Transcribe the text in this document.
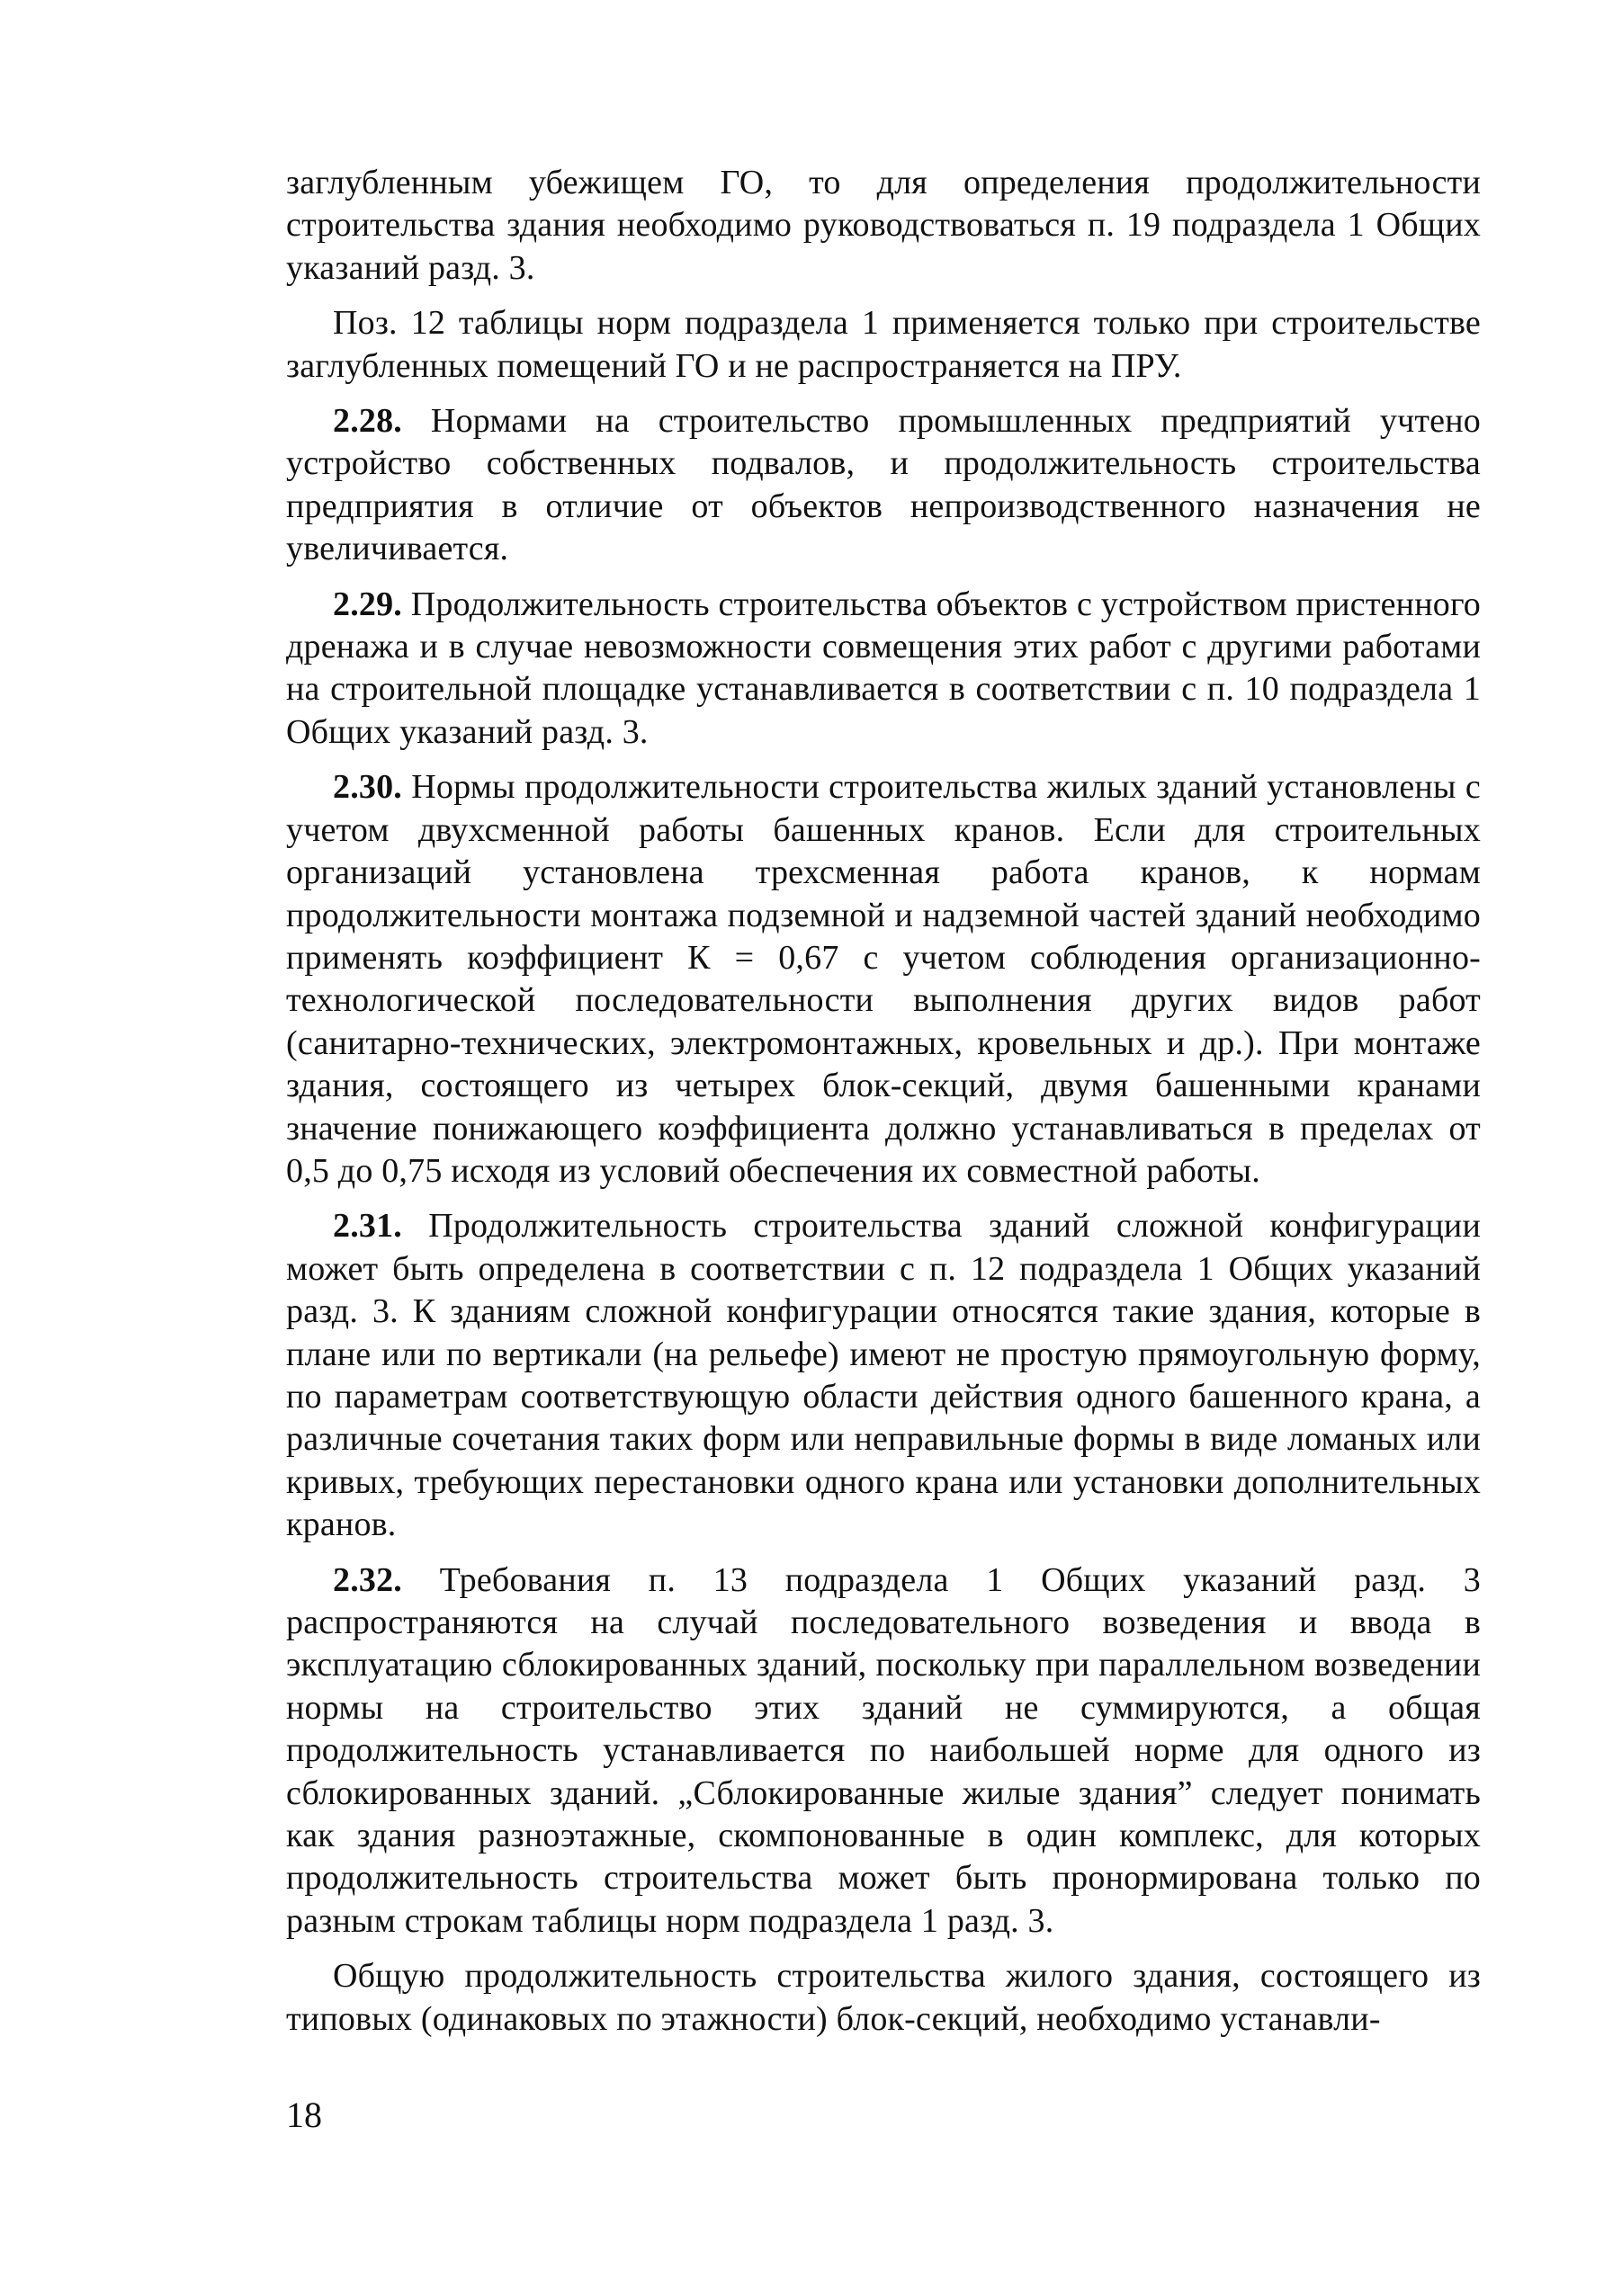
заглубленным убежищем ГО, то для определения продолжительности строительства здания необходимо руководствоваться п. 19 подраздела 1 Общих указаний разд. 3.

Поз. 12 таблицы норм подраздела 1 применяется только при строительстве заглубленных помещений ГО и не распространяется на ПРУ.

2.28. Нормами на строительство промышленных предприятий учтено устройство собственных подвалов, и продолжительность строительства предприятия в отличие от объектов непроизводственного назначения не увеличивается.

2.29. Продолжительность строительства объектов с устройством пристенного дренажа и в случае невозможности совмещения этих работ с другими работами на строительной площадке устанавливается в соответствии с п. 10 подраздела 1 Общих указаний разд. 3.

2.30. Нормы продолжительности строительства жилых зданий установлены с учетом двухсменной работы башенных кранов. Если для строительных организаций установлена трехсменная работа кранов, к нормам продолжительности монтажа подземной и надземной частей зданий необходимо применять коэффициент К = 0,67 с учетом соблюдения организационно-технологической последовательности выполнения других видов работ (санитарно-технических, электромонтажных, кровельных и др.). При монтаже здания, состоящего из четырех блок-секций, двумя башенными кранами значение понижающего коэффициента должно устанавливаться в пределах от 0,5 до 0,75 исходя из условий обеспечения их совместной работы.

2.31. Продолжительность строительства зданий сложной конфигурации может быть определена в соответствии с п. 12 подраздела 1 Общих указаний разд. 3. К зданиям сложной конфигурации относятся такие здания, которые в плане или по вертикали (на рельефе) имеют не простую прямоугольную форму, по параметрам соответствующую области действия одного башенного крана, а различные сочетания таких форм или неправильные формы в виде ломаных или кривых, требующих перестановки одного крана или установки дополнительных кранов.

2.32. Требования п. 13 подраздела 1 Общих указаний разд. 3 распространяются на случай последовательного возведения и ввода в эксплуатацию сблокированных зданий, поскольку при параллельном возведении нормы на строительство этих зданий не суммируются, а общая продолжительность устанавливается по наибольшей норме для одного из сблокированных зданий. „Сблокированные жилые здания” следует понимать как здания разноэтажные, скомпонованные в один комплекс, для которых продолжительность строительства может быть пронормирована только по разным строкам таблицы норм подраздела 1 разд. 3.

Общую продолжительность строительства жилого здания, состоящего из типовых (одинаковых по этажности) блок-секций, необходимо устанавли-

18
